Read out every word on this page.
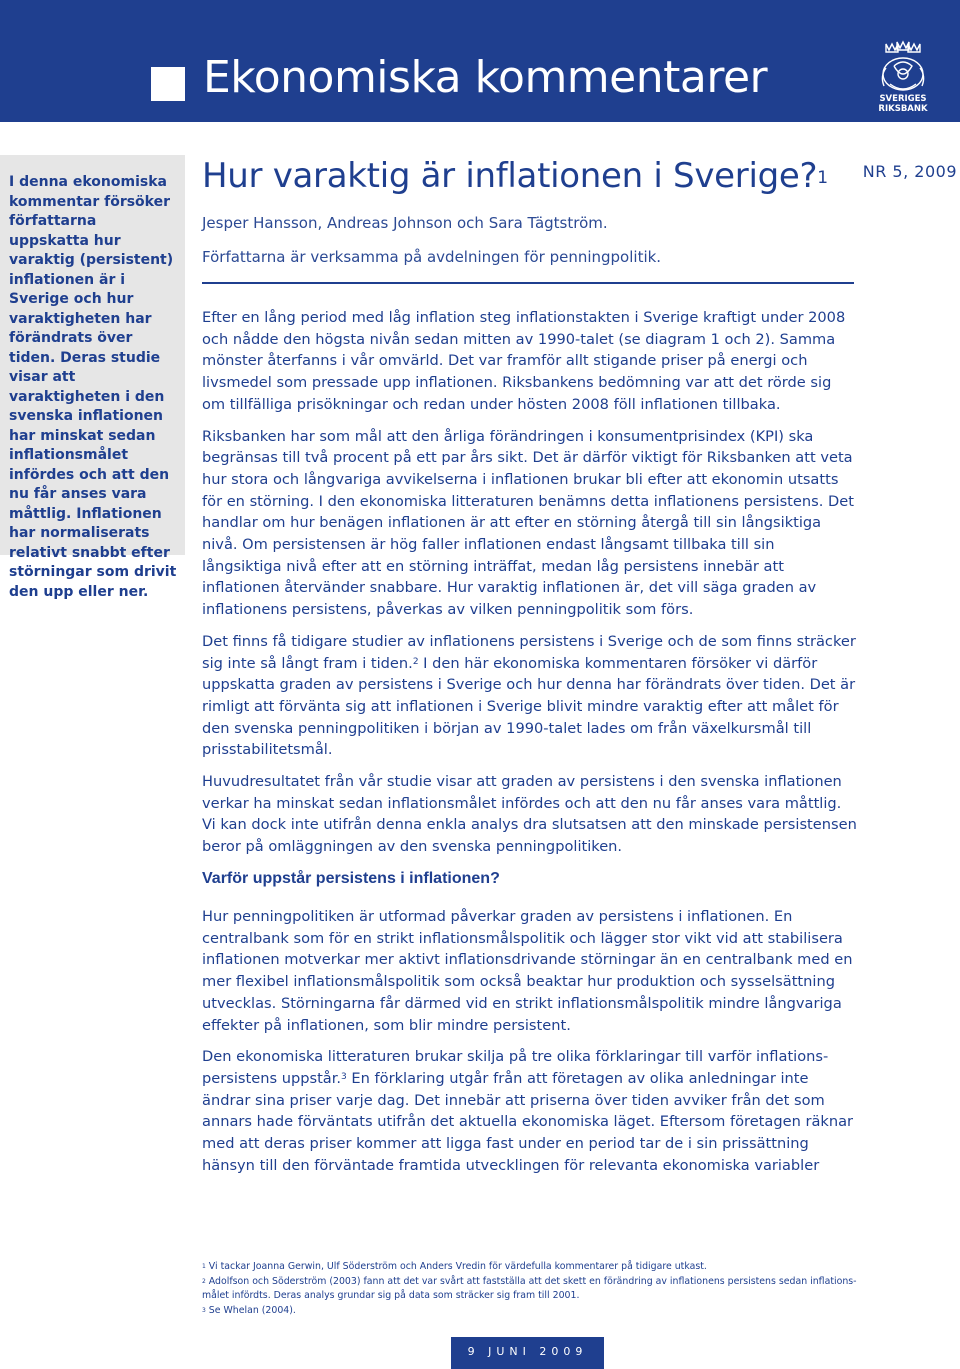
Ekonomiska kommentarer	SVERIGES
RIKSBANK

I denna ekonomiska kommentar försöker författarna uppskatta hur varaktig (persistent) inflationen är i Sverige och hur varaktigheten har förändrats över tiden. Deras studie visar att varaktigheten i den svenska inflationen har minskat sedan inflationsmålet infördes och att den nu får anses vara måttlig. Inflationen har normaliserats relativt snabbt efter störningar som drivit den upp eller ner.

Hur varaktig är inflationen i Sverige?$^1$	NR 5, 2009

Jesper Hansson, Andreas Johnson och Sara Tägtström.

Författarna är verksamma på avdelningen för penningpolitik.

Efter en lång period med låg inflation steg inflationstakten i Sverige kraftigt under 2008 och nådde den högsta nivån sedan mitten av 1990-talet (se diagram 1 och 2). Samma mönster återfanns i vår omvärld. Det var framför allt stigande priser på energi och livsmedel som pressade upp inflationen. Riksbankens bedömning var att det rörde sig om tillfälliga prisökningar och redan under hösten 2008 föll inflationen tillbaka.

Riksbanken har som mål att den årliga förändringen i konsumentprisindex (KPI) ska begränsas till två procent på ett par års sikt. Det är därför viktigt för Riksbanken att veta hur stora och långvariga avvikelserna i inflationen brukar bli efter att ekonomin utsatts för en störning. I den ekonomiska litteraturen benämns detta inflationens persistens. Det handlar om hur benägen inflationen är att efter en störning återgå till sin långsiktiga nivå. Om persistensen är hög faller inflationen endast långsamt tillbaka till sin långsiktiga nivå efter att en störning inträffat, medan låg persistens innebär att inflationen återvänder snabbare. Hur varaktig inflationen är, det vill säga graden av inflationens persistens, påverkas av vilken penningpolitik som förs.

Det finns få tidigare studier av inflationens persistens i Sverige och de som finns sträcker sig inte så långt fram i tiden.$^2$ I den här ekonomiska kommentaren försöker vi därför uppskatta graden av persistens i Sverige och hur denna har förändrats över tiden. Det är rimligt att förvänta sig att inflationen i Sverige blivit mindre varaktig efter att målet för den svenska penningpolitiken i början av 1990-talet lades om från växelkursmål till prisstabilitetsmål.

Huvudresultatet från vår studie visar att graden av persistens i den svenska inflationen verkar ha minskat sedan inflationsmålet infördes och att den nu får anses vara måttlig. Vi kan dock inte utifrån denna enkla analys dra slutsatsen att den minskade persistensen beror på omläggningen av den svenska penningpolitiken.

Varför uppstår persistens i inflationen?

Hur penningpolitiken är utformad påverkar graden av persistens i inflationen. En centralbank som för en strikt inflationsmålspolitik och lägger stor vikt vid att stabilisera inflationen motverkar mer aktivt inflationsdrivande störningar än en centralbank med en mer flexibel inflationsmålspolitik som också beaktar hur produktion och sysselsättning utvecklas. Störningarna får därmed vid en strikt inflationsmålspolitik mindre långvariga effekter på inflationen, som blir mindre persistent.

Den ekonomiska litteraturen brukar skilja på tre olika förklaringar till varför inflations-persistens uppstår.$^3$ En förklaring utgår från att företagen av olika anledningar inte ändrar sina priser varje dag. Det innebär att priserna över tiden avviker från det som annars hade förväntats utifrån det aktuella ekonomiska läget. Eftersom företagen räknar med att deras priser kommer att ligga fast under en period tar de i sin prissättning hänsyn till den förväntade framtida utvecklingen för relevanta ekonomiska variabler

$^1$ Vi tackar Joanna Gerwin, Ulf Söderström och Anders Vredin för värdefulla kommentarer på tidigare utkast.

$^2$ Adolfson och Söderström (2003) fann att det var svårt att fastställa att det skett en förändring av inflationens persistens sedan inflations-målet infördts. Deras analys grundar sig på data som sträcker sig fram till 2001.

$^3$ Se Whelan (2004).

9 JUNI 2009
